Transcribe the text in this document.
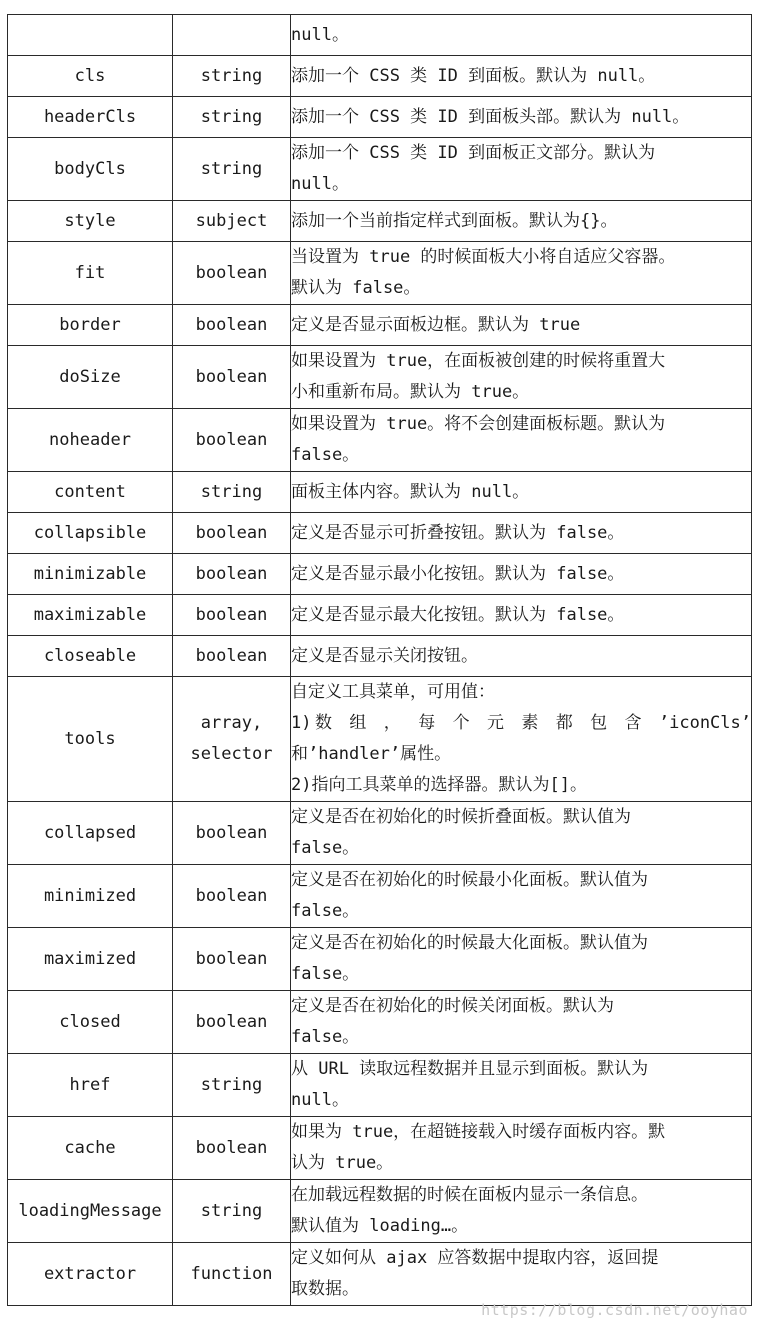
		null。

cls	string	添加一个 CSS 类 ID 到面板。默认为 null。

headerCls	string	添加一个 CSS 类 ID 到面板头部。默认为 null。

bodyCls	string	添加一个 CSS 类 ID 到面板正文部分。默认为
null。

style	subject	添加一个当前指定样式到面板。默认为{}。

fit	boolean	当设置为 true 的时候面板大小将自适应父容器。
默认为 false。

border	boolean	定义是否显示面板边框。默认为 true

doSize	boolean	如果设置为 true，在面板被创建的时候将重置大
小和重新布局。默认为 true。

noheader	boolean	如果设置为 true。将不会创建面板标题。默认为
false。

content	string	面板主体内容。默认为 null。

collapsible	boolean	定义是否显示可折叠按钮。默认为 false。

minimizable	boolean	定义是否显示最小化按钮。默认为 false。

maximizable	boolean	定义是否显示最大化按钮。默认为 false。

closeable	boolean	定义是否显示关闭按钮。

tools	array, selector	自定义工具菜单，可用值：
1)数 组 ， 每 个 元 素 都 包 含 ’iconCls’
和’handler’属性。
2)指向工具菜单的选择器。默认为[]。

collapsed	boolean	定义是否在初始化的时候折叠面板。默认值为
false。

minimized	boolean	定义是否在初始化的时候最小化面板。默认值为
false。

maximized	boolean	定义是否在初始化的时候最大化面板。默认值为
false。

closed	boolean	定义是否在初始化的时候关闭面板。默认为
false。

href	string	从 URL 读取远程数据并且显示到面板。默认为
null。

cache	boolean	如果为 true，在超链接载入时缓存面板内容。默
认为 true。

loadingMessage	string	在加载远程数据的时候在面板内显示一条信息。
默认值为 loading…。

extractor	function	定义如何从 ajax 应答数据中提取内容，返回提
取数据。
https://blog.csdn.net/ooyhao
